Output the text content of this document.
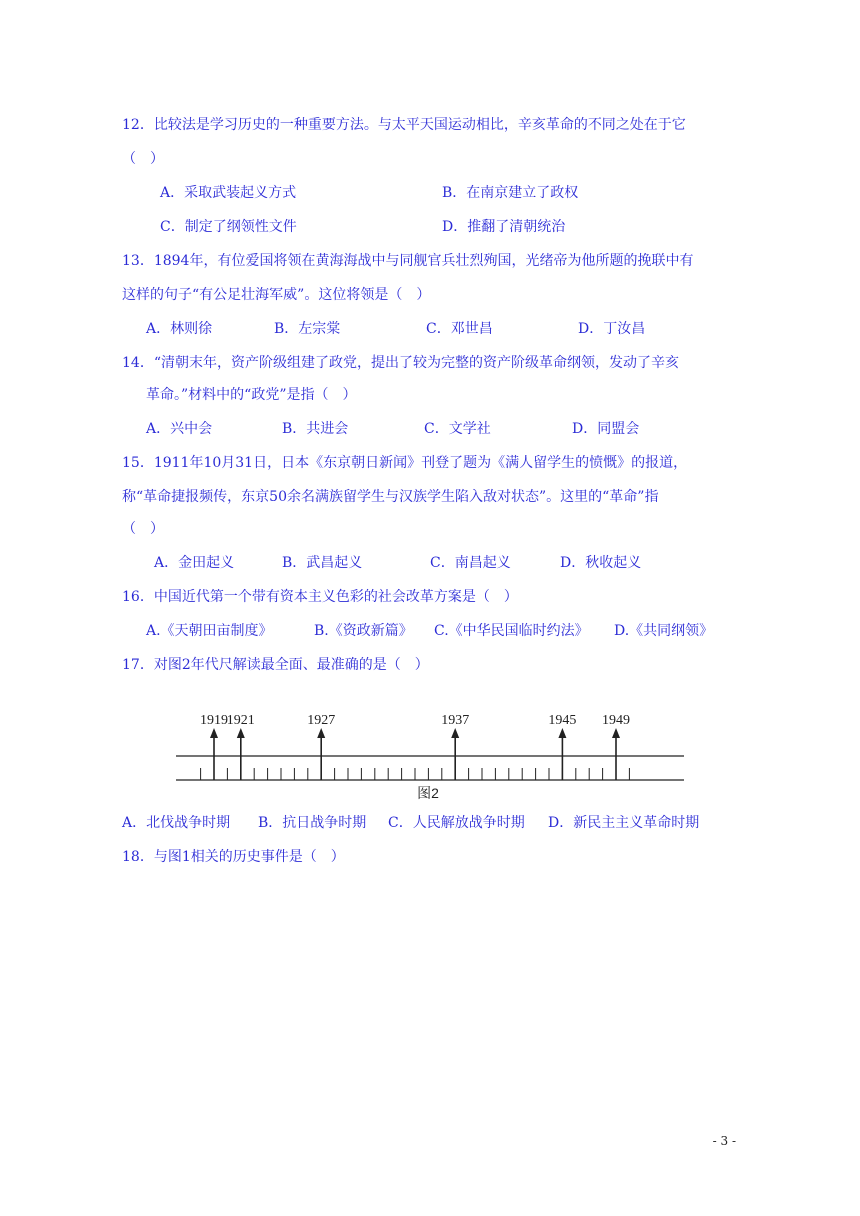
12．比较法是学习历史的一种重要方法。与太平天国运动相比，辛亥革命的不同之处在于它
（　）
A．采取武装起义方式	B．在南京建立了政权
C．制定了纲领性文件	D．推翻了清朝统治
13．1894年，有位爱国将领在黄海海战中与同舰官兵壮烈殉国，光绪帝为他所题的挽联中有
这样的句子“有公足壮海军威”。这位将领是（　）
A．林则徐	B．左宗棠	C．邓世昌	D．丁汝昌
14．“清朝末年，资产阶级组建了政党，提出了较为完整的资产阶级革命纲领，发动了辛亥
革命。”材料中的“政党”是指（　）
A．兴中会	B．共进会	C．文学社	D．同盟会
15．1911年10月31日，日本《东京朝日新闻》刊登了题为《满人留学生的愤慨》的报道，
称“革命捷报频传，东京50余名满族留学生与汉族学生陷入敌对状态”。这里的“革命”指
（　）
A．金田起义	B．武昌起义	C．南昌起义	D．秋收起义
16．中国近代第一个带有资本主义色彩的社会改革方案是（　）
A.《天朝田亩制度》	B.《资政新篇》 C.《中华民国临时约法》 D.《共同纲领》
17．对图2年代尺解读最全面、最准确的是（　）
1919
1921	1927	1937	1945 1949
图2
A．北伐战争时期 B．抗日战争时期 C．人民解放战争时期 D．新民主主义革命时期
18．与图1相关的历史事件是（　）
- 3 -
